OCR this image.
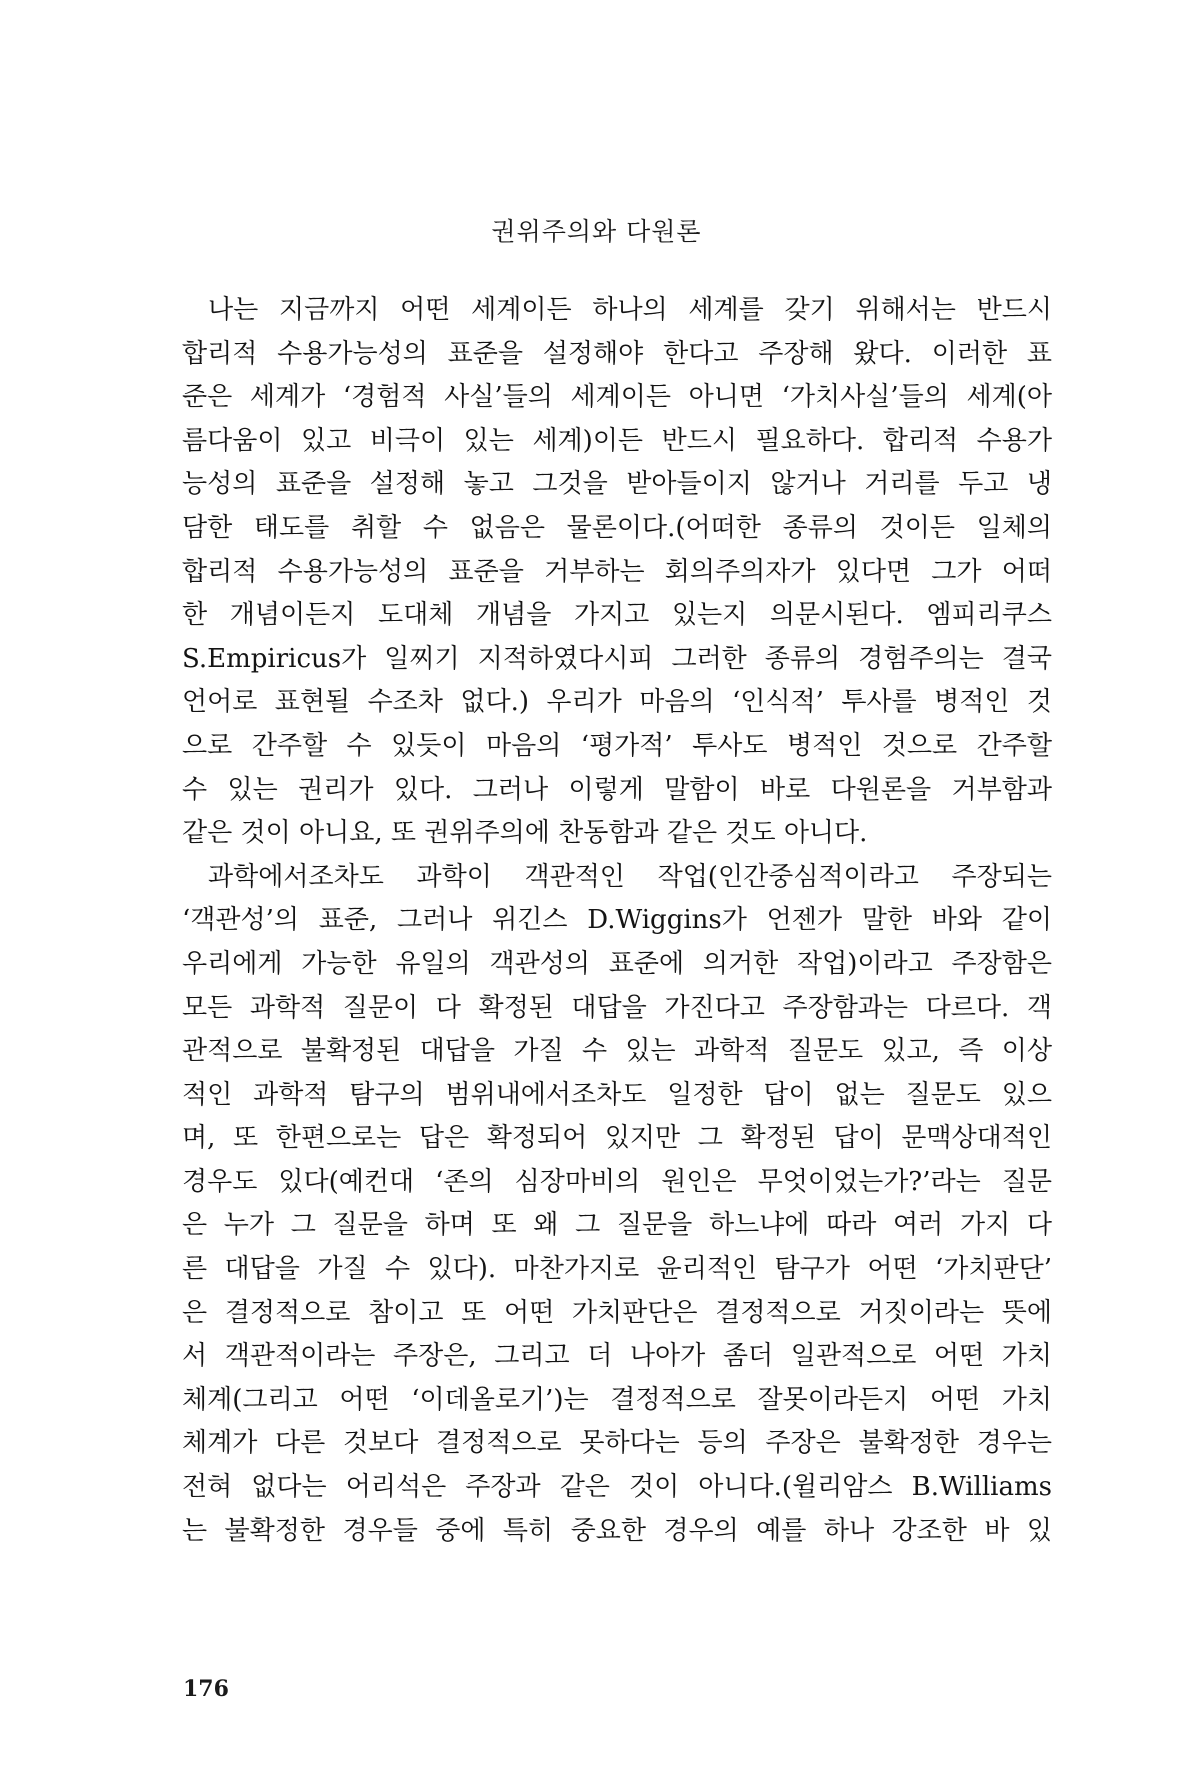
권위주의와 다원론
나는 지금까지 어떤 세계이든 하나의 세계를 갖기 위해서는 반드시
합리적 수용가능성의 표준을 설정해야 한다고 주장해 왔다. 이러한 표
준은 세계가 ‘경험적 사실’들의 세계이든 아니면 ‘가치사실’들의 세계(아
름다움이 있고 비극이 있는 세계)이든 반드시 필요하다. 합리적 수용가
능성의 표준을 설정해 놓고 그것을 받아들이지 않거나 거리를 두고 냉
담한 태도를 취할 수 없음은 물론이다.(어떠한 종류의 것이든 일체의
합리적 수용가능성의 표준을 거부하는 회의주의자가 있다면 그가 어떠
한 개념이든지 도대체 개념을 가지고 있는지 의문시된다. 엠피리쿠스
S.Empiricus가 일찌기 지적하였다시피 그러한 종류의 경험주의는 결국
언어로 표현될 수조차 없다.) 우리가 마음의 ‘인식적’ 투사를 병적인 것
으로 간주할 수 있듯이 마음의 ‘평가적’ 투사도 병적인 것으로 간주할
수 있는 권리가 있다. 그러나 이렇게 말함이 바로 다원론을 거부함과
같은 것이 아니요, 또 권위주의에 찬동함과 같은 것도 아니다.
과학에서조차도 과학이 객관적인 작업(인간중심적이라고 주장되는
‘객관성’의 표준, 그러나 위긴스 D.Wiggins가 언젠가 말한 바와 같이
우리에게 가능한 유일의 객관성의 표준에 의거한 작업)이라고 주장함은
모든 과학적 질문이 다 확정된 대답을 가진다고 주장함과는 다르다. 객
관적으로 불확정된 대답을 가질 수 있는 과학적 질문도 있고, 즉 이상
적인 과학적 탐구의 범위내에서조차도 일정한 답이 없는 질문도 있으
며, 또 한편으로는 답은 확정되어 있지만 그 확정된 답이 문맥상대적인
경우도 있다(예컨대 ‘존의 심장마비의 원인은 무엇이었는가?’라는 질문
은 누가 그 질문을 하며 또 왜 그 질문을 하느냐에 따라 여러 가지 다
른 대답을 가질 수 있다). 마찬가지로 윤리적인 탐구가 어떤 ‘가치판단’
은 결정적으로 참이고 또 어떤 가치판단은 결정적으로 거짓이라는 뜻에
서 객관적이라는 주장은, 그리고 더 나아가 좀더 일관적으로 어떤 가치
체계(그리고 어떤 ‘이데올로기’)는 결정적으로 잘못이라든지 어떤 가치
체계가 다른 것보다 결정적으로 못하다는 등의 주장은 불확정한 경우는
전혀 없다는 어리석은 주장과 같은 것이 아니다.(윌리암스 B.Williams
는 불확정한 경우들 중에 특히 중요한 경우의 예를 하나 강조한 바 있
176
